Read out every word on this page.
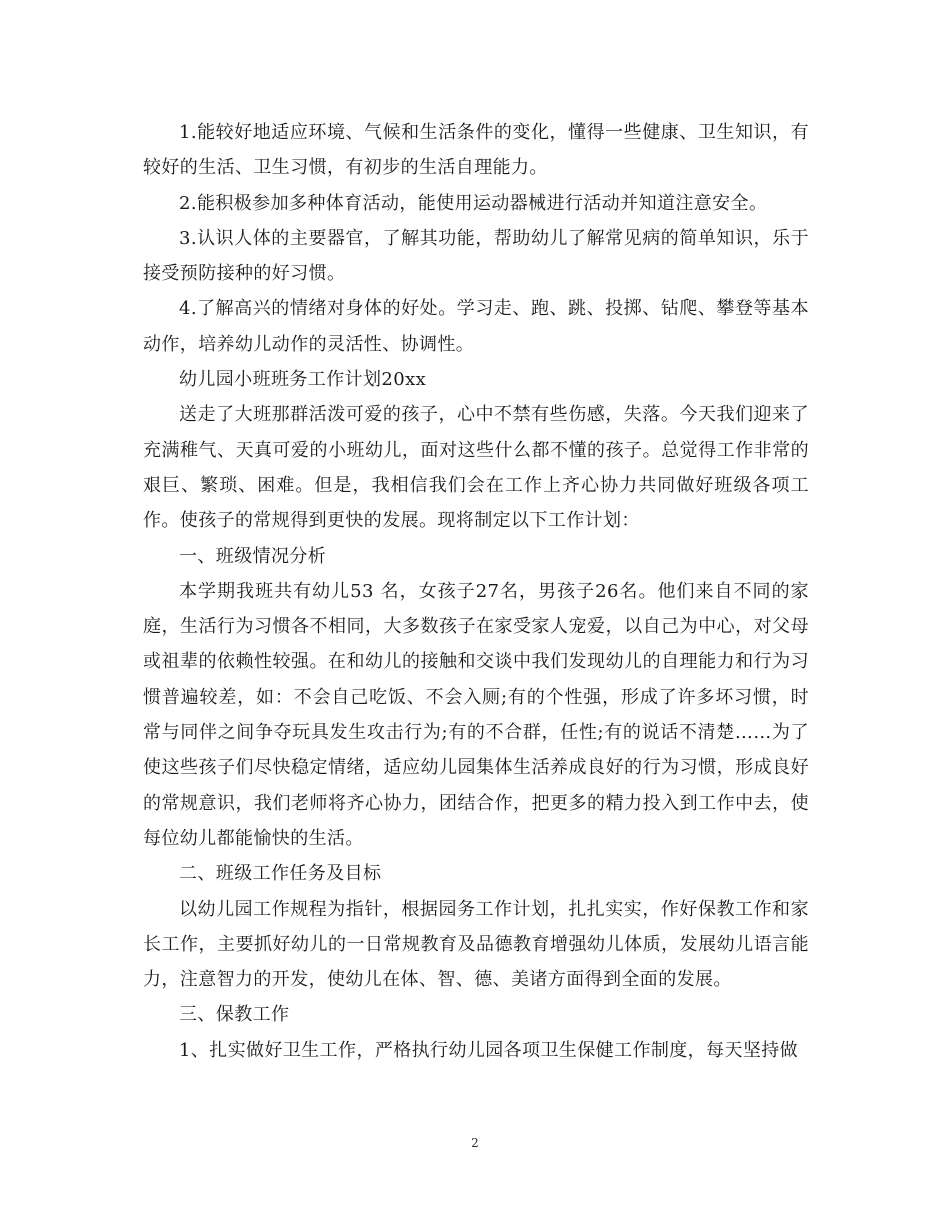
1.能较好地适应环境、气候和生活条件的变化，懂得一些健康、卫生知识，有较好的生活、卫生习惯，有初步的生活自理能力。

2.能积极参加多种体育活动，能使用运动器械进行活动并知道注意安全。

3.认识人体的主要器官，了解其功能，帮助幼儿了解常见病的简单知识，乐于接受预防接种的好习惯。

4.了解高兴的情绪对身体的好处。学习走、跑、跳、投掷、钻爬、攀登等基本动作，培养幼儿动作的灵活性、协调性。

幼儿园小班班务工作计划20xx

送走了大班那群活泼可爱的孩子，心中不禁有些伤感，失落。今天我们迎来了充满稚气、天真可爱的小班幼儿，面对这些什么都不懂的孩子。总觉得工作非常的艰巨、繁琐、困难。但是，我相信我们会在工作上齐心协力共同做好班级各项工作。使孩子的常规得到更快的发展。现将制定以下工作计划：

一、班级情况分析

本学期我班共有幼儿53 名，女孩子27名，男孩子26名。他们来自不同的家庭，生活行为习惯各不相同，大多数孩子在家受家人宠爱，以自己为中心，对父母或祖辈的依赖性较强。在和幼儿的接触和交谈中我们发现幼儿的自理能力和行为习惯普遍较差，如：不会自己吃饭、不会入厕;有的个性强，形成了许多坏习惯，时常与同伴之间争夺玩具发生攻击行为;有的不合群，任性;有的说话不清楚……为了使这些孩子们尽快稳定情绪，适应幼儿园集体生活养成良好的行为习惯，形成良好的常规意识，我们老师将齐心协力，团结合作，把更多的精力投入到工作中去，使每位幼儿都能愉快的生活。

二、班级工作任务及目标

以幼儿园工作规程为指针，根据园务工作计划，扎扎实实，作好保教工作和家长工作，主要抓好幼儿的一日常规教育及品德教育增强幼儿体质，发展幼儿语言能力，注意智力的开发，使幼儿在体、智、德、美诸方面得到全面的发展。

三、保教工作

1、扎实做好卫生工作，严格执行幼儿园各项卫生保健工作制度，每天坚持做

2
